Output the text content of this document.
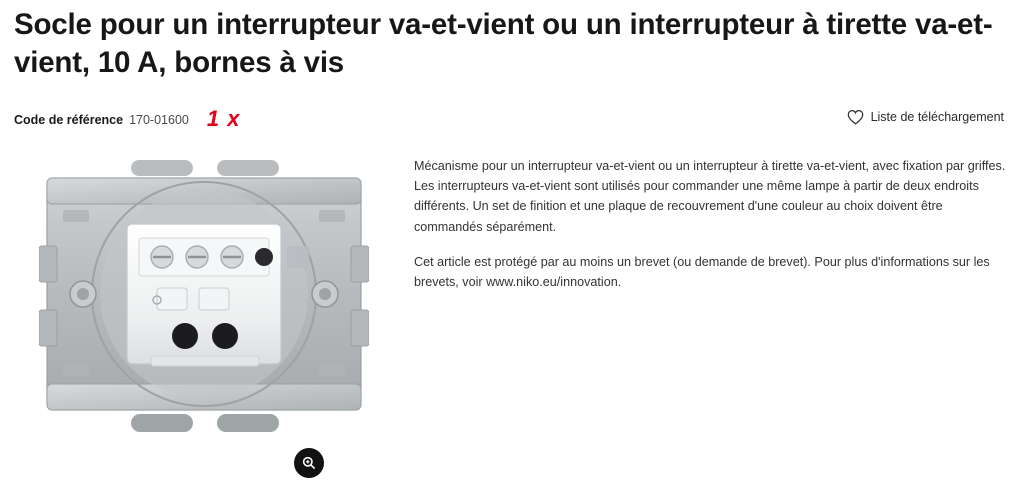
Socle pour un interrupteur va-et-vient ou un interrupteur à tirette va-et-vient, 10 A, bornes à vis
Code de référence 170-01600 1 x	Liste de téléchargement

Mécanisme pour un interrupteur va-et-vient ou un interrupteur à tirette va-et-vient, avec fixation par griffes. Les interrupteurs va-et-vient sont utilisés pour commander une même lampe à partir de deux endroits différents. Un set de finition et une plaque de recouvrement d'une couleur au choix doivent être commandés séparément.

Cet article est protégé par au moins un brevet (ou demande de brevet). Pour plus d'informations sur les brevets, voir www.niko.eu/innovation.
